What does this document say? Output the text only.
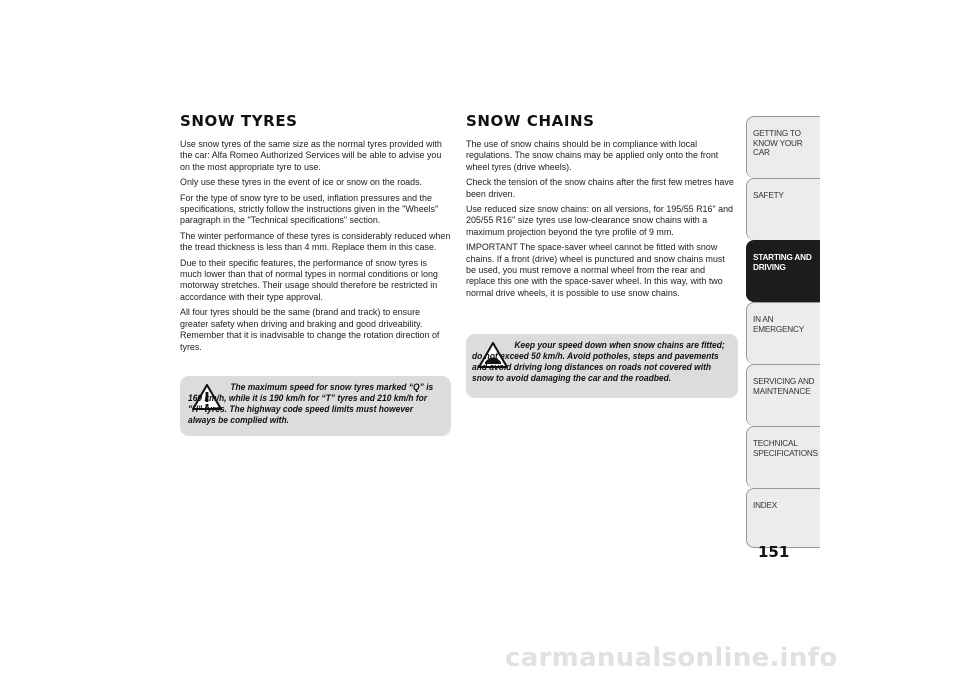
SNOW TYRES

Use snow tyres of the same size as the normal tyres provided with the car: Alfa Romeo Authorized Services will be able to advise you on the most appropriate tyre to use.

Only use these tyres in the event of ice or snow on the roads.

For the type of snow tyre to be used, inflation pressures and the specifications, strictly follow the instructions given in the "Wheels" paragraph in the "Technical specifications" section.

The winter performance of these tyres is considerably reduced when the tread thickness is less than 4 mm. Replace them in this case.

Due to their specific features, the performance of snow tyres is much lower than that of normal types in normal conditions or long motorway stretches. Their usage should therefore be restricted in accordance with their type approval.

All four tyres should be the same (brand and track) to ensure greater safety when driving and braking and good driveability. Remember that it is inadvisable to change the rotation direction of tyres.

The maximum speed for snow tyres marked “Q” is 160 km/h, while it is 190 km/h for “T” tyres and 210 km/h for "H" tyres. The highway code speed limits must however always be complied with.
SNOW CHAINS

The use of snow chains should be in compliance with local regulations. The snow chains may be applied only onto the front wheel tyres (drive wheels).

Check the tension of the snow chains after the first few metres have been driven.

Use reduced size snow chains: on all versions, for 195/55 R16" and 205/55 R16" size tyres use low-clearance snow chains with a maximum projection beyond the tyre profile of 9 mm.

IMPORTANT The space-saver wheel cannot be fitted with snow chains. If a front (drive) wheel is punctured and snow chains must be used, you must remove a normal wheel from the rear and replace this one with the space-saver wheel. In this way, with two normal drive wheels, it is possible to use snow chains.

Keep your speed down when snow chains are fitted; do not exceed 50 km/h. Avoid potholes, steps and pavements and avoid driving long distances on roads not covered with snow to avoid damaging the car and the roadbed.
GETTING TO KNOW YOUR CAR
SAFETY
STARTING AND DRIVING
IN AN EMERGENCY
SERVICING AND MAINTENANCE
TECHNICAL SPECIFICATIONS
INDEX
151
carmanualsonline.info
